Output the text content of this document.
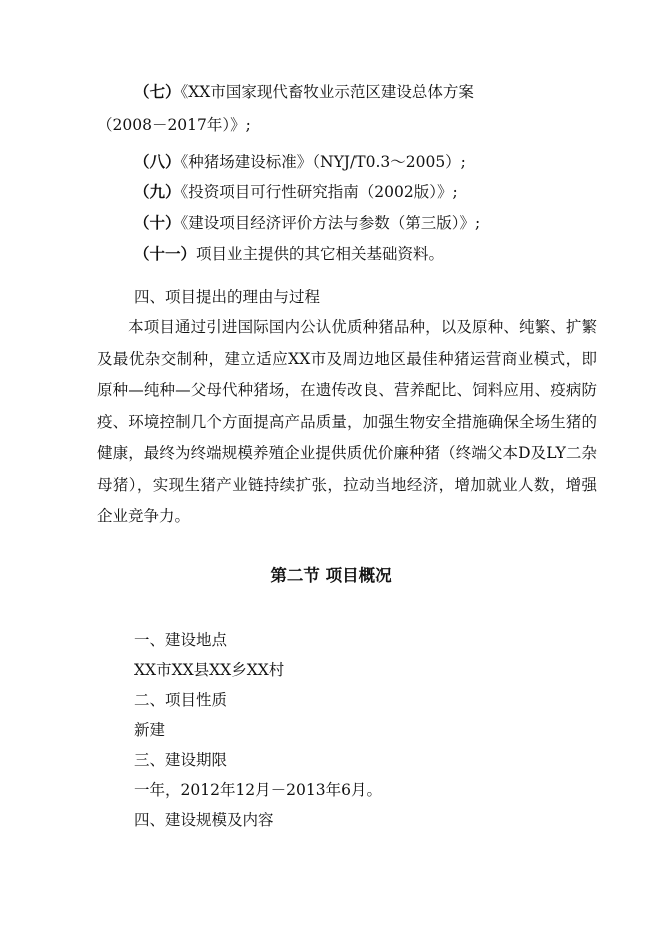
（七）《XX市国家现代畜牧业示范区建设总体方案
（2008－2017年）》;
（八）《种猪场建设标准》（NYJ/T0.3～2005）;
（九）《投资项目可行性研究指南（2002版）》;
（十）《建设项目经济评价方法与参数（第三版）》;
（十一）项目业主提供的其它相关基础资料。
四、项目提出的理由与过程
本项目通过引进国际国内公认优质种猪品种，以及原种、纯繁、扩繁及最优杂交制种，建立适应XX市及周边地区最佳种猪运营商业模式，即原种—纯种—父母代种猪场，在遗传改良、营养配比、饲料应用、疫病防疫、环境控制几个方面提高产品质量，加强生物安全措施确保全场生猪的健康，最终为终端规模养殖企业提供质优价廉种猪（终端父本D及LY二杂母猪），实现生猪产业链持续扩张，拉动当地经济，增加就业人数，增强企业竞争力。
第二节 项目概况
一、建设地点
XX市XX县XX乡XX村
二、项目性质
新建
三、建设期限
一年，2012年12月－2013年6月。
四、建设规模及内容
